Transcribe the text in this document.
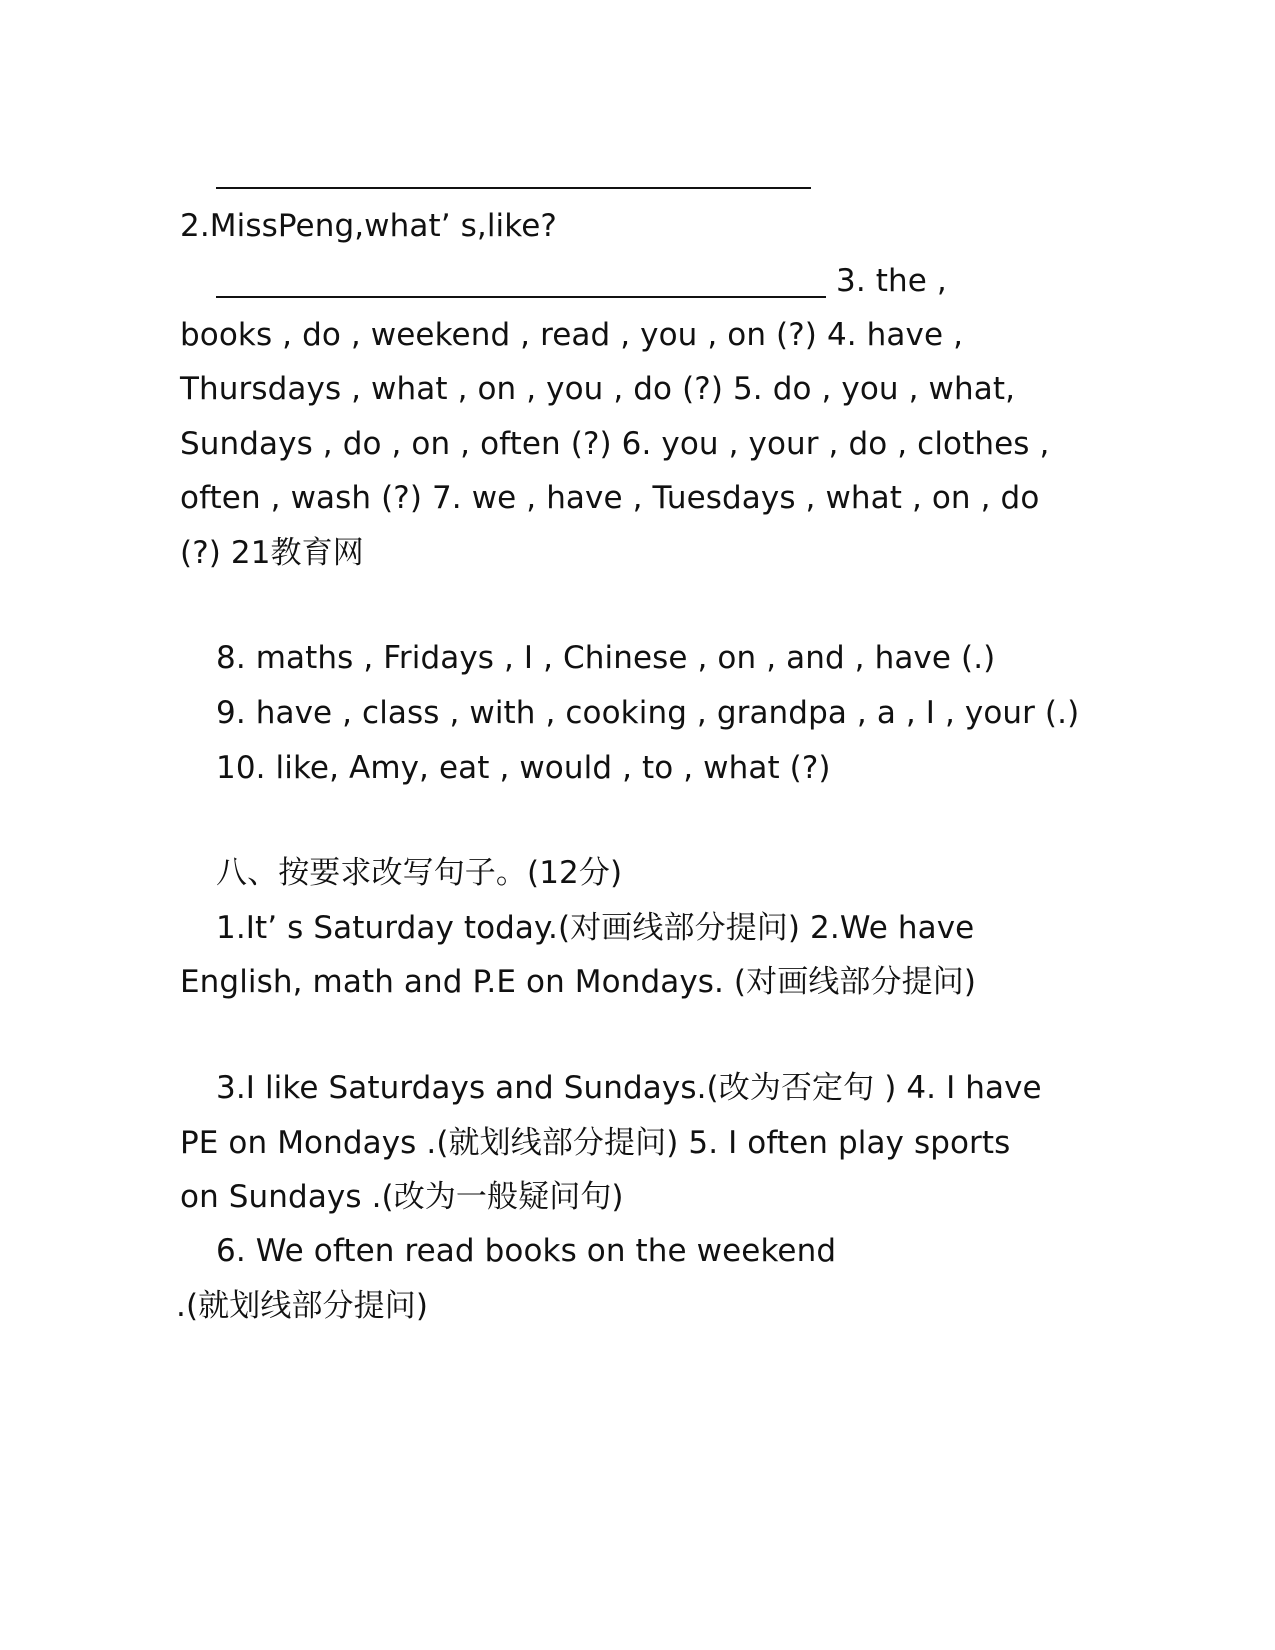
2.MissPeng,what’ s,like?
3. the ,
books , do , weekend , read , you , on (?) 4. have ,
Thursdays , what , on , you , do (?) 5. do , you , what,
Sundays , do , on , often (?) 6. you , your , do , clothes ,
often , wash (?) 7. we , have , Tuesdays , what , on , do
(?) 21教育网
8. maths , Fridays , I , Chinese , on , and , have (.)
9. have , class , with , cooking , grandpa , a , I , your (.)
10. like, Amy, eat , would , to , what (?)
八、按要求改写句子。(12分)
1.It’ s Saturday today.(对画线部分提问) 2.We have
English, math and P.E on Mondays. (对画线部分提问)
3.I like Saturdays and Sundays.(改为否定句 ) 4. I have
PE on Mondays .(就划线部分提问) 5. I often play sports
on Sundays .(改为一般疑问句)
6. We often read books on the weekend
.(就划线部分提问)
